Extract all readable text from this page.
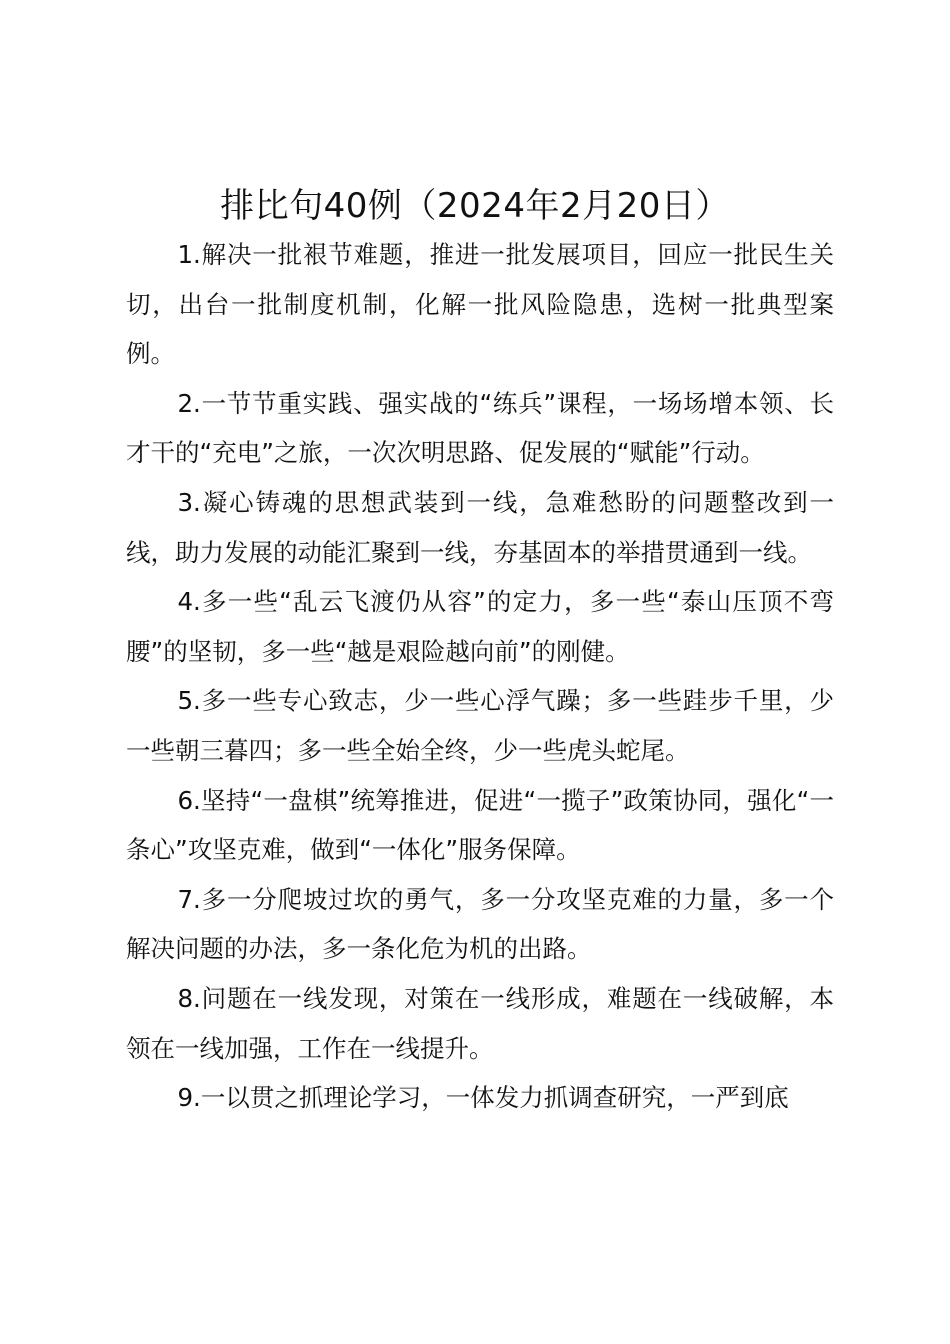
排比句40例（2024年2月20日）

1.解决一批裉节难题，推进一批发展项目，回应一批民生关切，出台一批制度机制，化解一批风险隐患，选树一批典型案例。

2.一节节重实践、强实战的“练兵”课程，一场场增本领、长才干的“充电”之旅，一次次明思路、促发展的“赋能”行动。

3.凝心铸魂的思想武装到一线，急难愁盼的问题整改到一线，助力发展的动能汇聚到一线，夯基固本的举措贯通到一线。

4.多一些“乱云飞渡仍从容”的定力，多一些“泰山压顶不弯腰”的坚韧，多一些“越是艰险越向前”的刚健。

5.多一些专心致志，少一些心浮气躁；多一些跬步千里，少一些朝三暮四；多一些全始全终，少一些虎头蛇尾。

6.坚持“一盘棋”统筹推进，促进“一揽子”政策协同，强化“一条心”攻坚克难，做到“一体化”服务保障。

7.多一分爬坡过坎的勇气，多一分攻坚克难的力量，多一个解决问题的办法，多一条化危为机的出路。

8.问题在一线发现，对策在一线形成，难题在一线破解，本领在一线加强，工作在一线提升。

9.一以贯之抓理论学习，一体发力抓调查研究，一严到底
